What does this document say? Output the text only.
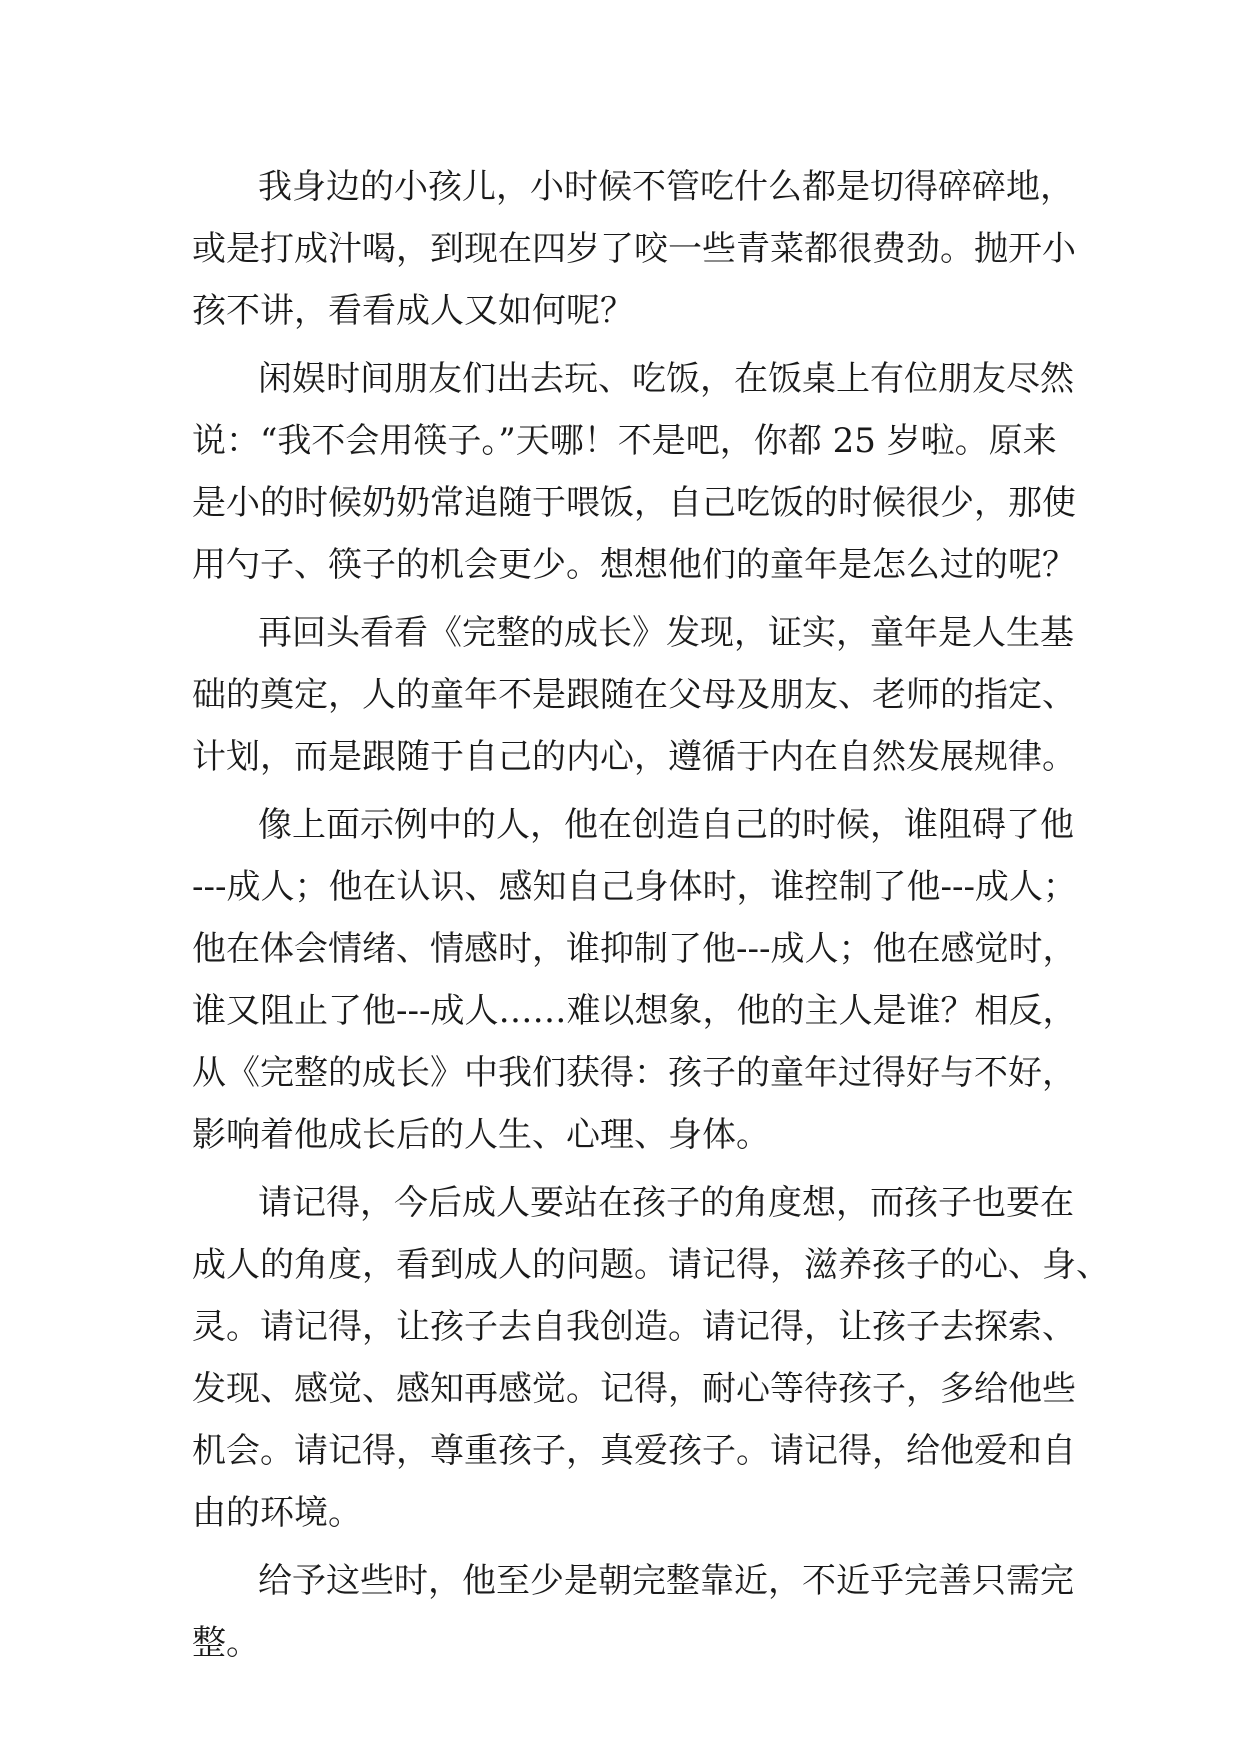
我身边的小孩儿，小时候不管吃什么都是切得碎碎地，
或是打成汁喝，到现在四岁了咬一些青菜都很费劲。抛开小
孩不讲，看看成人又如何呢？

闲娱时间朋友们出去玩、吃饭，在饭桌上有位朋友尽然
说：“我不会用筷子。”天哪！不是吧，你都 25 岁啦。原来
是小的时候奶奶常追随于喂饭，自己吃饭的时候很少，那使
用勺子、筷子的机会更少。想想他们的童年是怎么过的呢？

再回头看看《完整的成长》发现，证实，童年是人生基
础的奠定，人的童年不是跟随在父母及朋友、老师的指定、
计划，而是跟随于自己的内心，遵循于内在自然发展规律。

像上面示例中的人，他在创造自己的时候，谁阻碍了他
---成人；他在认识、感知自己身体时，谁控制了他---成人；
他在体会情绪、情感时，谁抑制了他---成人；他在感觉时，
谁又阻止了他---成人……难以想象，他的主人是谁？相反，
从《完整的成长》中我们获得：孩子的童年过得好与不好，
影响着他成长后的人生、心理、身体。

请记得，今后成人要站在孩子的角度想，而孩子也要在
成人的角度，看到成人的问题。请记得，滋养孩子的心、身、
灵。请记得，让孩子去自我创造。请记得，让孩子去探索、
发现、感觉、感知再感觉。记得，耐心等待孩子，多给他些
机会。请记得，尊重孩子，真爱孩子。请记得，给他爱和自
由的环境。

给予这些时，他至少是朝完整靠近，不近乎完善只需完
整。
